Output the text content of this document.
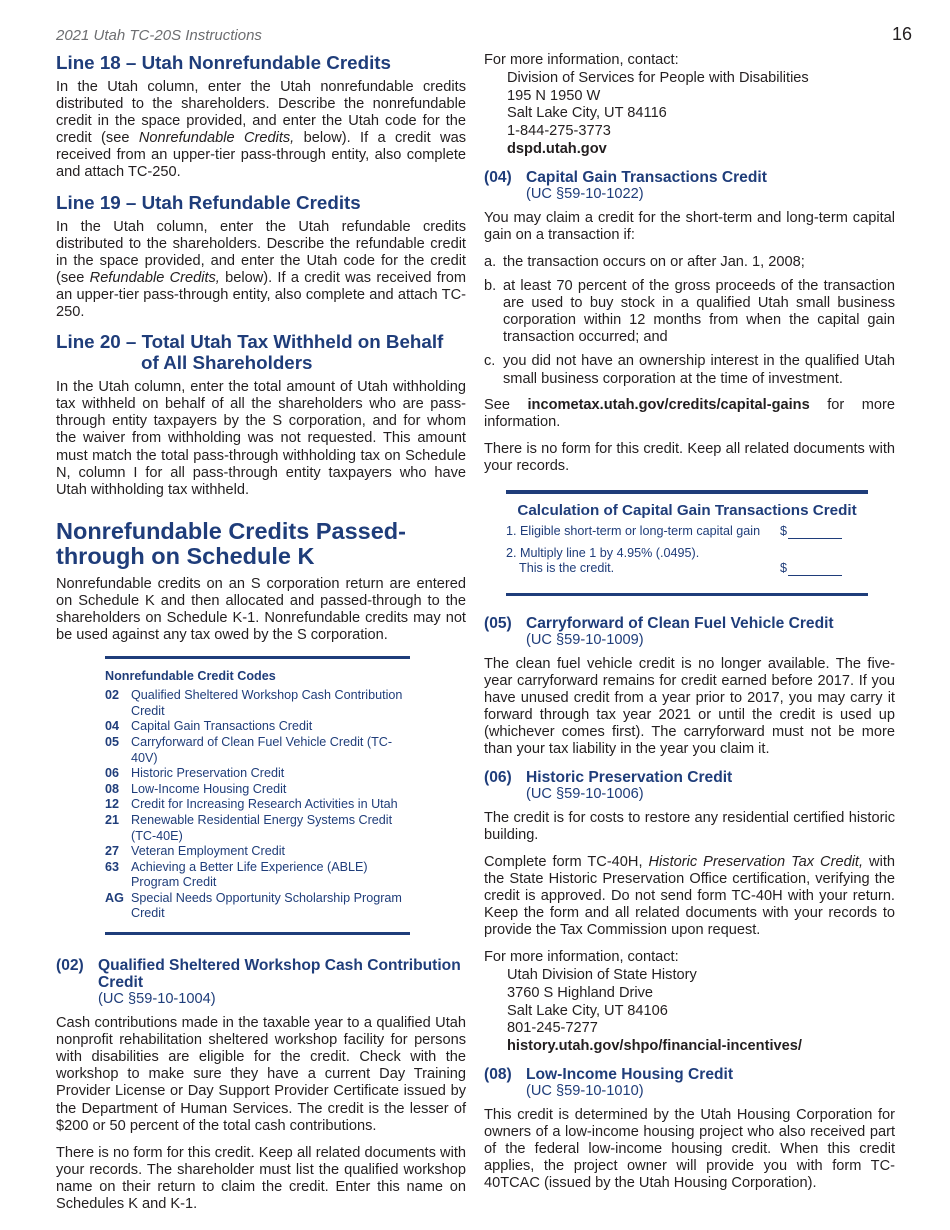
2021 Utah TC-20S Instructions	16
Line 18 – Utah Nonrefundable Credits

In the Utah column, enter the Utah nonrefundable credits distributed to the shareholders. Describe the nonrefundable credit in the space provided, and enter the Utah code for the credit (see Nonrefundable Credits, below). If a credit was received from an upper-tier pass-through entity, also complete and attach TC-250.

Line 19 – Utah Refundable Credits

In the Utah column, enter the Utah refundable credits distributed to the shareholders. Describe the refundable credit in the space provided, and enter the Utah code for the credit (see Refundable Credits, below). If a credit was received from an upper-tier pass-through entity, also complete and attach TC-250.

Line 20 – Total Utah Tax Withheld on Behalf of All Shareholders

In the Utah column, enter the total amount of Utah withholding tax withheld on behalf of all the shareholders who are pass-through entity taxpayers by the S corporation, and for whom the waiver from withholding was not requested. This amount must match the total pass-through withholding tax on Schedule N, column I for all pass-through entity taxpayers who have Utah withholding tax withheld.

Nonrefundable Credits Passed-through on Schedule K

Nonrefundable credits on an S corporation return are entered on Schedule K and then allocated and passed-through to the shareholders on Schedule K-1. Nonrefundable credits may not be used against any tax owed by the S corporation.

Nonrefundable Credit Codes
02 Qualified Sheltered Workshop Cash Contribution Credit
04 Capital Gain Transactions Credit
05 Carryforward of Clean Fuel Vehicle Credit (TC-40V)
06 Historic Preservation Credit
08 Low-Income Housing Credit
12 Credit for Increasing Research Activities in Utah
21 Renewable Residential Energy Systems Credit (TC-40E)
27 Veteran Employment Credit
63 Achieving a Better Life Experience (ABLE) Program Credit
AG Special Needs Opportunity Scholarship Program Credit
(02) Qualified Sheltered Workshop Cash Contribution Credit
(UC §59-10-1004)

Cash contributions made in the taxable year to a qualified Utah nonprofit rehabilitation sheltered workshop facility for persons with disabilities are eligible for the credit. Check with the workshop to make sure they have a current Day Training Provider License or Day Support Provider Certificate issued by the Department of Human Services. The credit is the lesser of $200 or 50 percent of the total cash contributions.

There is no form for this credit. Keep all related documents with your records. The shareholder must list the qualified workshop name on their return to claim the credit. Enter this name on Schedules K and K-1.

For more information, contact:
Division of Services for People with Disabilities
195 N 1950 W
Salt Lake City, UT 84116
1-844-275-3773
dspd.utah.gov
(04) Capital Gain Transactions Credit
(UC §59-10-1022)

You may claim a credit for the short-term and long-term capital gain on a transaction if:

a. the transaction occurs on or after Jan. 1, 2008;
b. at least 70 percent of the gross proceeds of the transaction are used to buy stock in a qualified Utah small business corporation within 12 months from when the capital gain transaction occurred; and
c. you did not have an ownership interest in the qualified Utah small business corporation at the time of investment.

See incometax.utah.gov/credits/capital-gains for more information.

There is no form for this credit. Keep all related documents with your records.

Calculation of Capital Gain Transactions Credit
1. Eligible short-term or long-term capital gain	$
2. Multiply line 1 by 4.95% (.0495).
This is the credit.	$
(05) Carryforward of Clean Fuel Vehicle Credit
(UC §59-10-1009)

The clean fuel vehicle credit is no longer available. The five-year carryforward remains for credit earned before 2017. If you have unused credit from a year prior to 2017, you may carry it forward through tax year 2021 or until the credit is used up (whichever comes first). The carryforward must not be more than your tax liability in the year you claim it.

(06) Historic Preservation Credit
(UC §59-10-1006)

The credit is for costs to restore any residential certified historic building.

Complete form TC-40H, Historic Preservation Tax Credit, with the State Historic Preservation Office certification, verifying the credit is approved. Do not send form TC-40H with your return. Keep the form and all related documents with your records to provide the Tax Commission upon request.

For more information, contact:
Utah Division of State History
3760 S Highland Drive
Salt Lake City, UT 84106
801-245-7277
history.utah.gov/shpo/financial-incentives/
(08) Low-Income Housing Credit
(UC §59-10-1010)

This credit is determined by the Utah Housing Corporation for owners of a low-income housing project who also received part of the federal low-income housing credit. When this credit applies, the project owner will provide you with form TC-40TCAC (issued by the Utah Housing Corporation).
